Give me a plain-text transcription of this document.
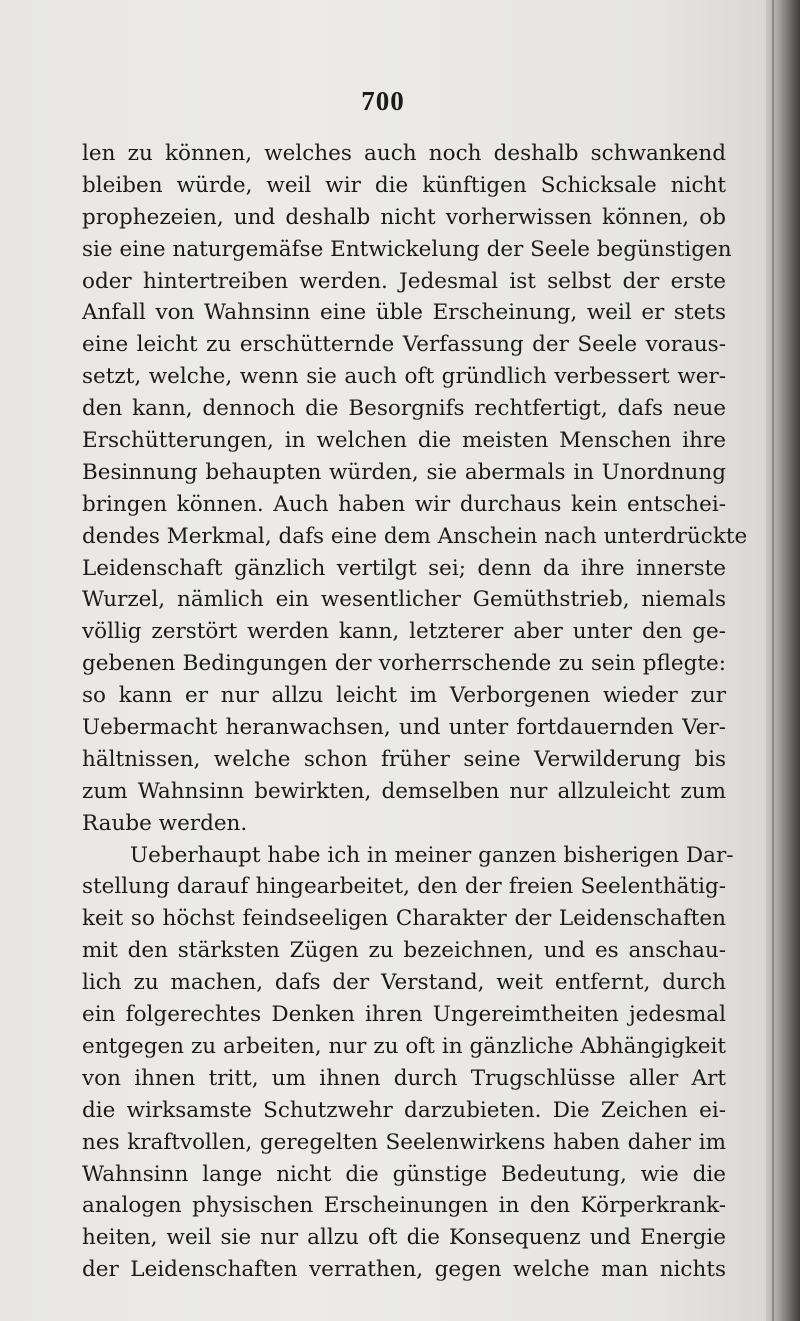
700
len zu können, welches auch noch deshalb schwankend
bleiben würde, weil wir die künftigen Schicksale nicht
prophezeien, und deshalb nicht vorherwissen können, ob
sie eine naturgemäfse Entwickelung der Seele begünstigen
oder hintertreiben werden. Jedesmal ist selbst der erste
Anfall von Wahnsinn eine üble Erscheinung, weil er stets
eine leicht zu erschütternde Verfassung der Seele voraus-
setzt, welche, wenn sie auch oft gründlich verbessert wer-
den kann, dennoch die Besorgnifs rechtfertigt, dafs neue
Erschütterungen, in welchen die meisten Menschen ihre
Besinnung behaupten würden, sie abermals in Unordnung
bringen können. Auch haben wir durchaus kein entschei-
dendes Merkmal, dafs eine dem Anschein nach unterdrückte
Leidenschaft gänzlich vertilgt sei; denn da ihre innerste
Wurzel, nämlich ein wesentlicher Gemüthstrieb, niemals
völlig zerstört werden kann, letzterer aber unter den ge-
gebenen Bedingungen der vorherrschende zu sein pflegte:
so kann er nur allzu leicht im Verborgenen wieder zur
Uebermacht heranwachsen, und unter fortdauernden Ver-
hältnissen, welche schon früher seine Verwilderung bis
zum Wahnsinn bewirkten, demselben nur allzuleicht zum
Raube werden.
Ueberhaupt habe ich in meiner ganzen bisherigen Dar-
stellung darauf hingearbeitet, den der freien Seelenthätig-
keit so höchst feindseeligen Charakter der Leidenschaften
mit den stärksten Zügen zu bezeichnen, und es anschau-
lich zu machen, dafs der Verstand, weit entfernt, durch
ein folgerechtes Denken ihren Ungereimtheiten jedesmal
entgegen zu arbeiten, nur zu oft in gänzliche Abhängigkeit
von ihnen tritt, um ihnen durch Trugschlüsse aller Art
die wirksamste Schutzwehr darzubieten. Die Zeichen ei-
nes kraftvollen, geregelten Seelenwirkens haben daher im
Wahnsinn lange nicht die günstige Bedeutung, wie die
analogen physischen Erscheinungen in den Körperkrank-
heiten, weil sie nur allzu oft die Konsequenz und Energie
der Leidenschaften verrathen, gegen welche man nichts
